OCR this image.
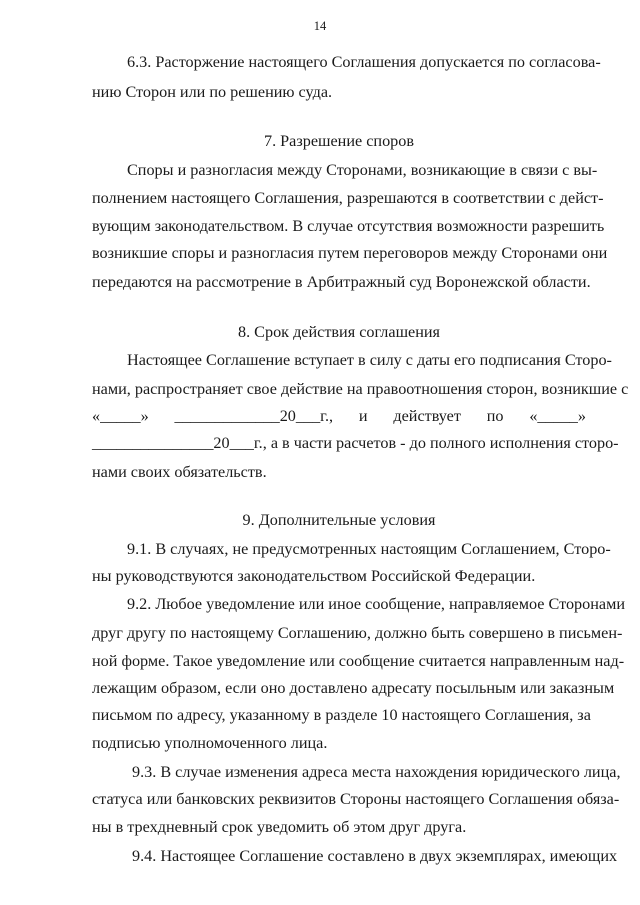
14
6.3. Расторжение настоящего Соглашения допускается по согласова-
нию Сторон или по решению суда.
7. Разрешение споров
Споры и разногласия между Сторонами, возникающие в связи с вы-
полнением настоящего Соглашения, разрешаются в соответствии с дейст-
вующим законодательством. В случае отсутствия возможности разрешить
возникшие споры и разногласия путем переговоров между Сторонами они
передаются на рассмотрение в Арбитражный суд Воронежской области.
8. Срок действия соглашения
Настоящее Соглашение вступает в силу с даты его подписания Сторо-
нами, распространяет свое действие на правоотношения сторон, возникшие с
«_____» _____________20___г., и действует по «_____»
_______________20___г., а в части расчетов - до полного исполнения сторо-
нами своих обязательств.
9. Дополнительные условия
9.1. В случаях, не предусмотренных настоящим Соглашением, Сторо-
ны руководствуются законодательством Российской Федерации.
9.2. Любое уведомление или иное сообщение, направляемое Сторонами
друг другу по настоящему Соглашению, должно быть совершено в письмен-
ной форме. Такое уведомление или сообщение считается направленным над-
лежащим образом, если оно доставлено адресату посыльным или заказным
письмом по адресу, указанному в разделе 10 настоящего Соглашения, за
подписью уполномоченного лица.
9.3. В случае изменения адреса места нахождения юридического лица,
статуса или банковских реквизитов Стороны настоящего Соглашения обяза-
ны в трехдневный срок уведомить об этом друг друга.
9.4. Настоящее Соглашение составлено в двух экземплярах, имеющих
